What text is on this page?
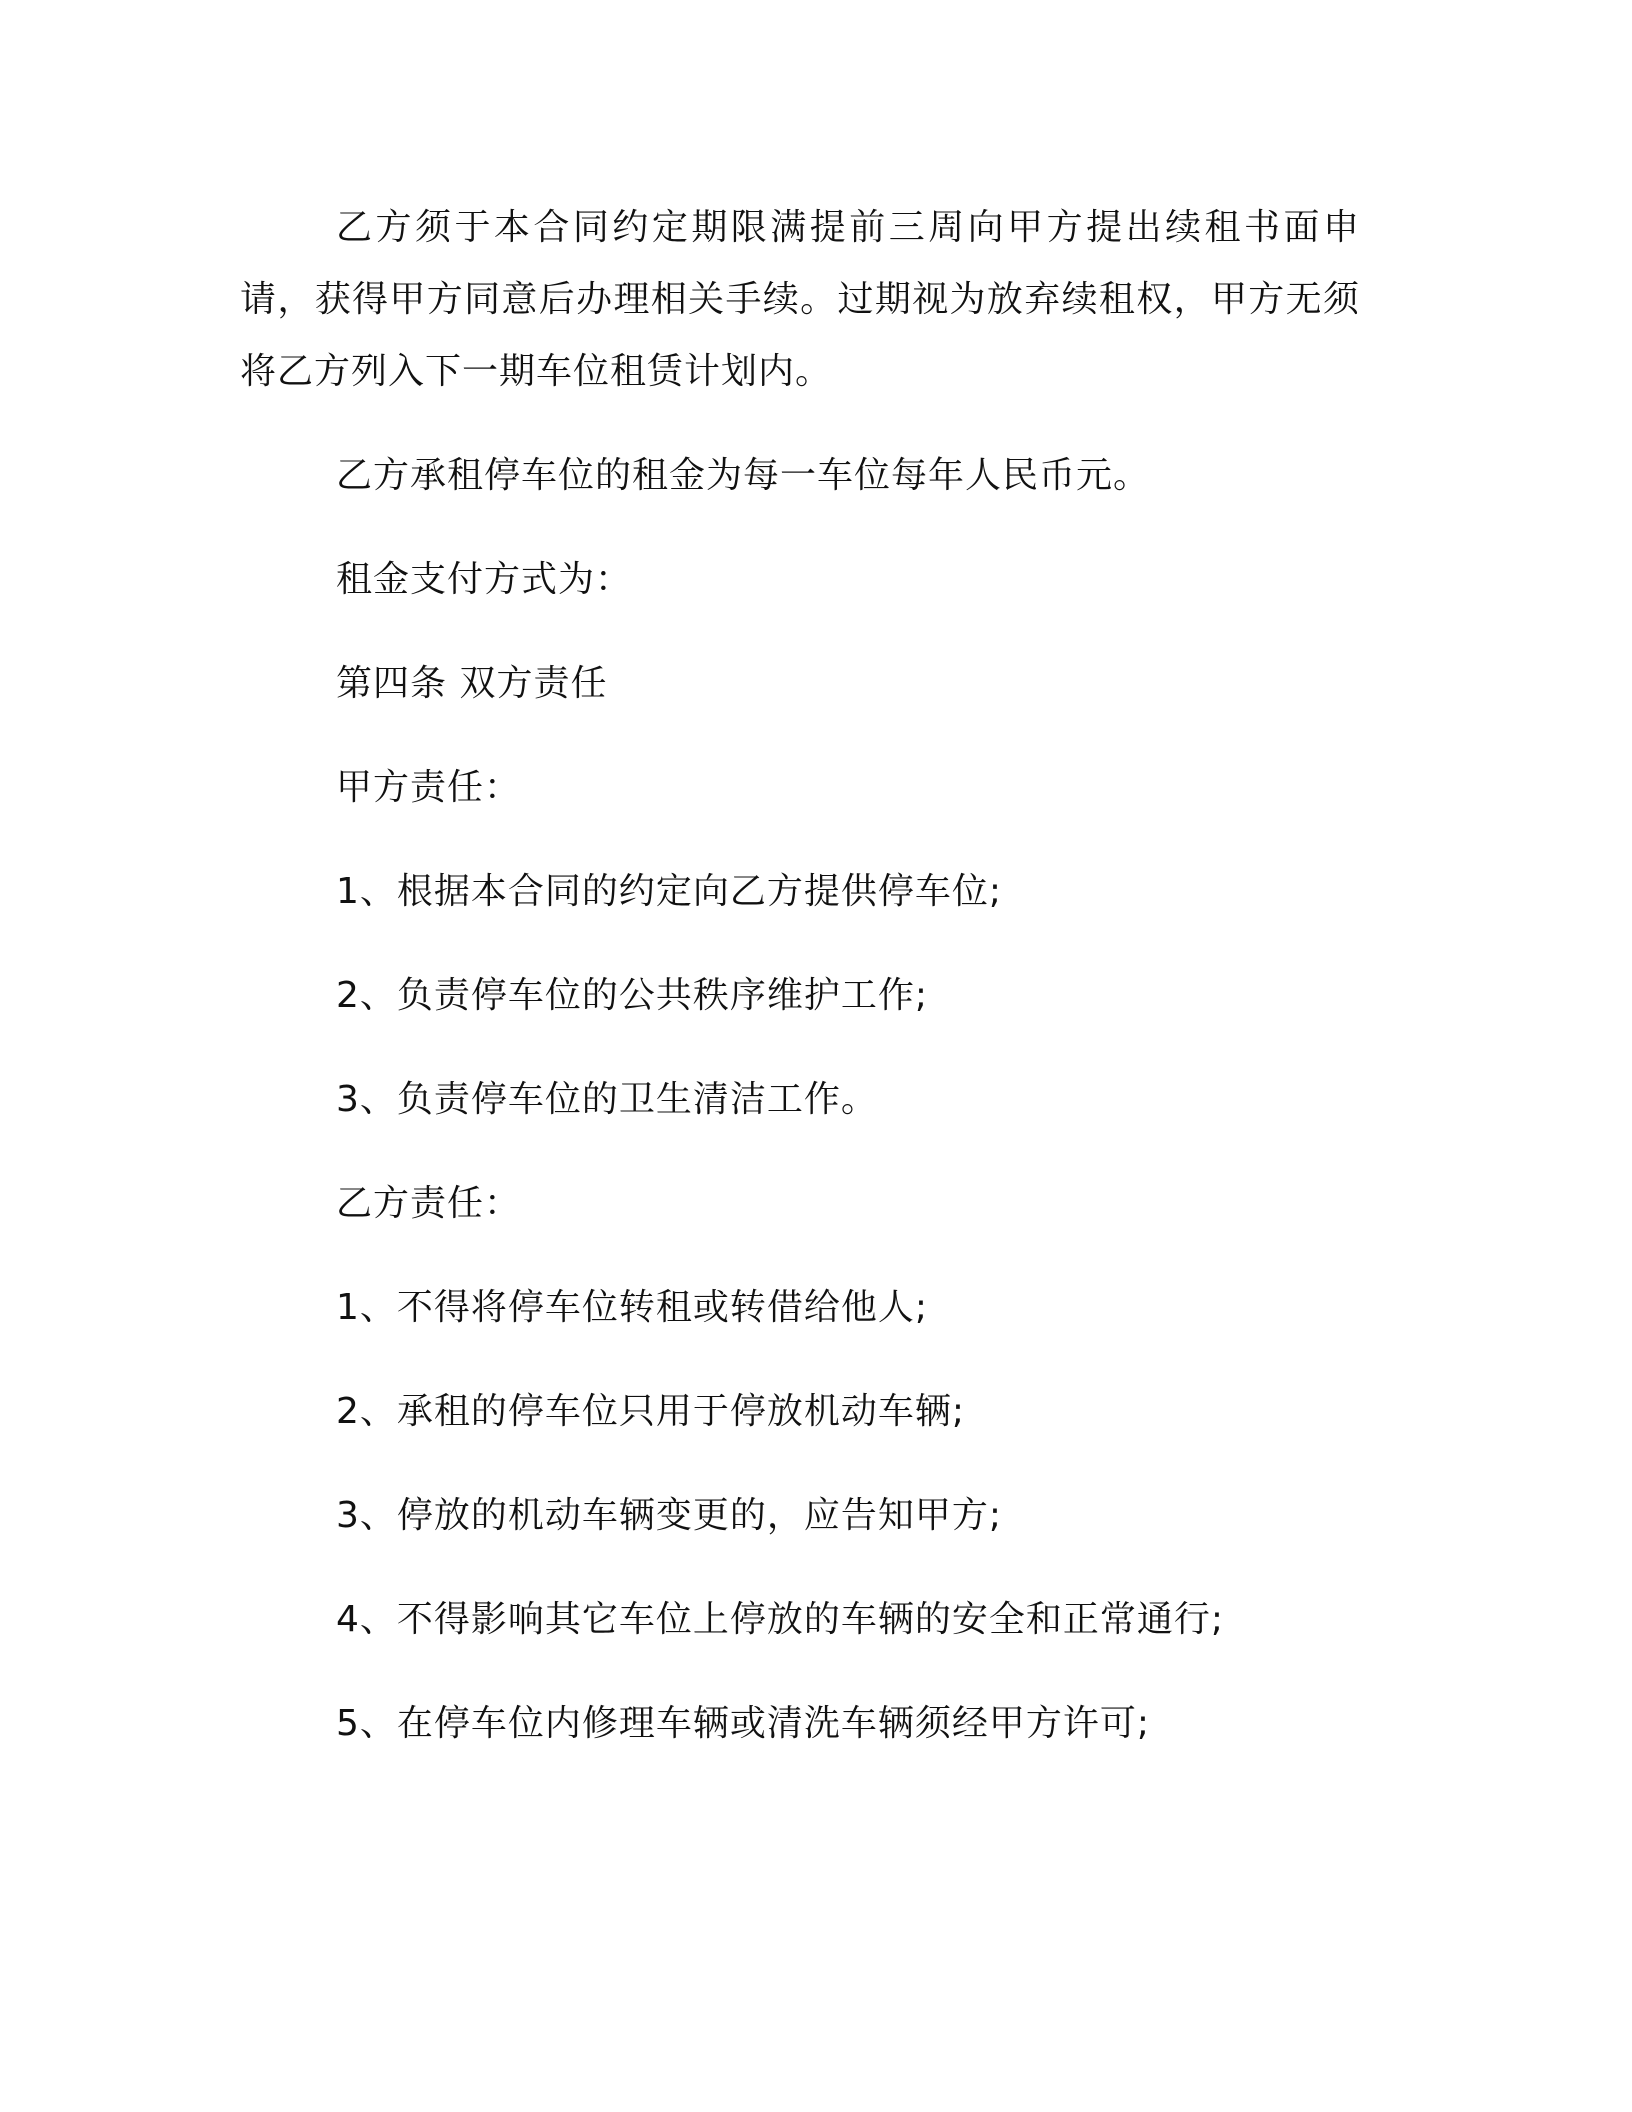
乙方须于本合同约定期限满提前三周向甲方提出续租书面申请，获得甲方同意后办理相关手续。过期视为放弃续租权，甲方无须将乙方列入下一期车位租赁计划内。

乙方承租停车位的租金为每一车位每年人民币元。

租金支付方式为：

第四条 双方责任

甲方责任：

1、根据本合同的约定向乙方提供停车位;

2、负责停车位的公共秩序维护工作;

3、负责停车位的卫生清洁工作。

乙方责任：

1、不得将停车位转租或转借给他人;

2、承租的停车位只用于停放机动车辆;

3、停放的机动车辆变更的，应告知甲方;

4、不得影响其它车位上停放的车辆的安全和正常通行;

5、在停车位内修理车辆或清洗车辆须经甲方许可;
